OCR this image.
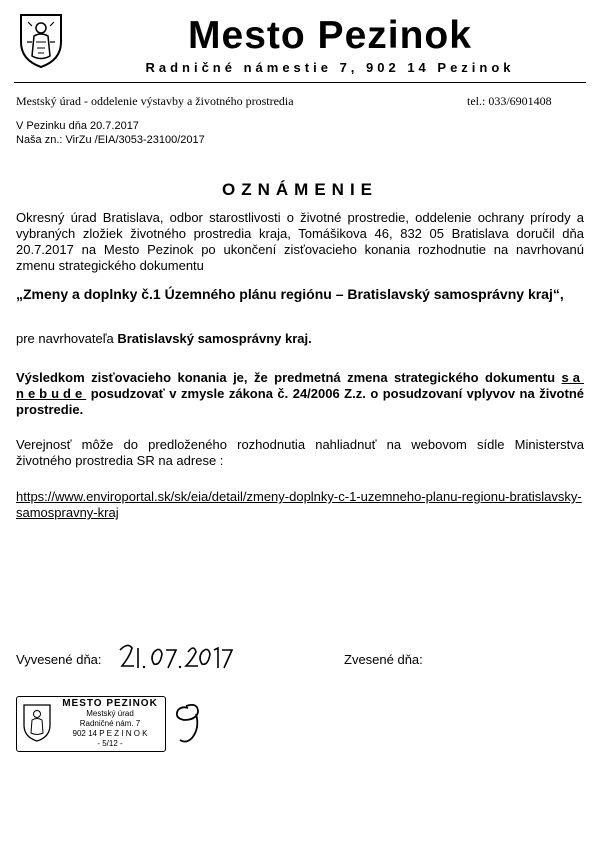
Mesto Pezinok
Radničné námestie 7, 902 14 Pezinok
Mestský úrad - oddelenie výstavby a životného prostredia	tel.: 033/6901408
V Pezinku dňa 20.7.2017
Naša zn.: VirZu /EIA/3053-23100/2017
OZNÁMENIE
Okresný úrad Bratislava, odbor starostlivosti o životné prostredie, oddelenie ochrany prírody a vybraných zložiek životného prostredia kraja, Tomášikova 46, 832 05 Bratislava doručil dňa 20.7.2017 na Mesto Pezinok po ukončení zisťovacieho konania rozhodnutie na navrhovanú zmenu strategického dokumentu
„Zmeny a doplnky č.1 Územného plánu regiónu – Bratislavský samosprávny kraj“,
pre navrhovateľa Bratislavský samosprávny kraj.
Výsledkom zisťovacieho konania je, že predmetná zmena strategického dokumentu sa nebude posudzovať v zmysle zákona č. 24/2006 Z.z. o posudzovaní vplyvov na životné prostredie.
Verejnosť môže do predloženého rozhodnutia nahliadnuť na webovom sídle Ministerstva životného prostredia SR na adrese :
https://www.enviroportal.sk/sk/eia/detail/zmeny-doplnky-c-1-uzemneho-planu-regionu-bratislavsky-samospravny-kraj
Vyvesené dňa:	Zvesené dňa:
MESTO PEZINOK
Mestský úrad
Radničné nám. 7
902 14 P E Z I N O K
- 5/12 -
